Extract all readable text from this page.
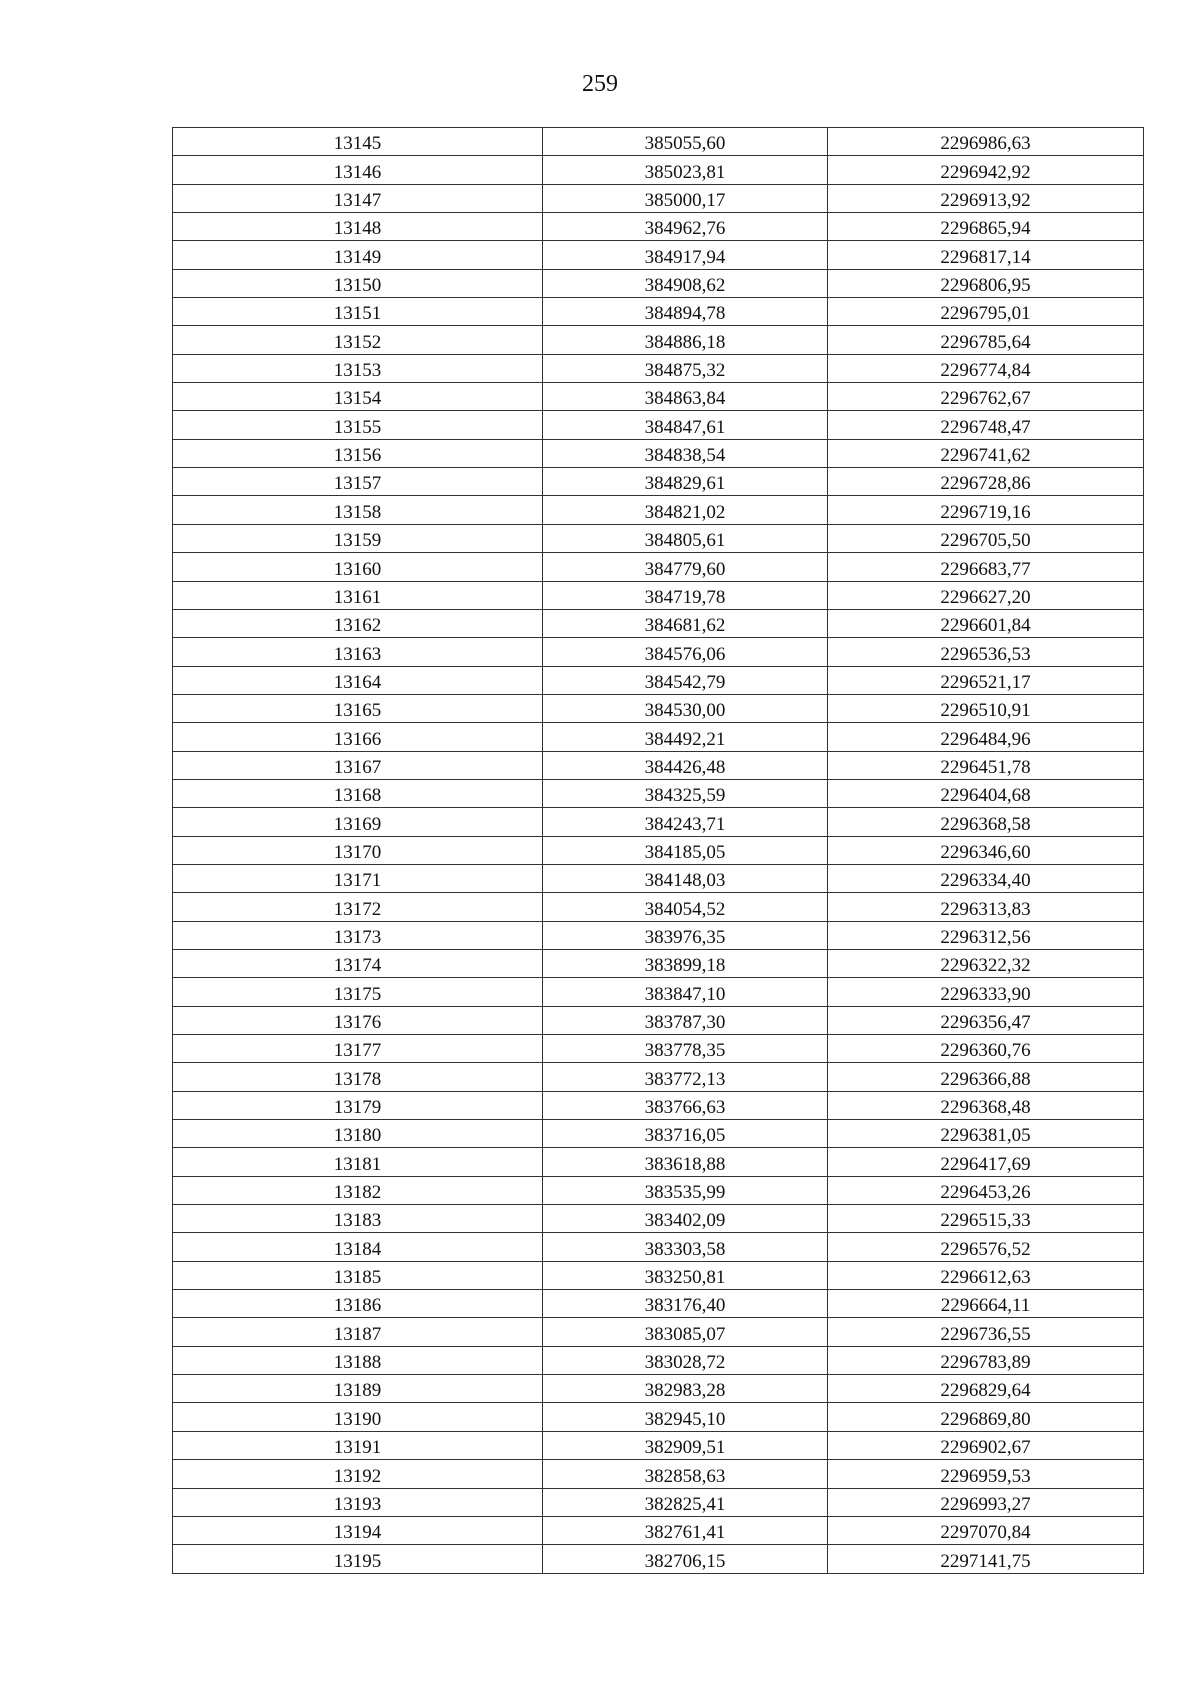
259
13145	385055,60	2296986,63
13146	385023,81	2296942,92
13147	385000,17	2296913,92
13148	384962,76	2296865,94
13149	384917,94	2296817,14
13150	384908,62	2296806,95
13151	384894,78	2296795,01
13152	384886,18	2296785,64
13153	384875,32	2296774,84
13154	384863,84	2296762,67
13155	384847,61	2296748,47
13156	384838,54	2296741,62
13157	384829,61	2296728,86
13158	384821,02	2296719,16
13159	384805,61	2296705,50
13160	384779,60	2296683,77
13161	384719,78	2296627,20
13162	384681,62	2296601,84
13163	384576,06	2296536,53
13164	384542,79	2296521,17
13165	384530,00	2296510,91
13166	384492,21	2296484,96
13167	384426,48	2296451,78
13168	384325,59	2296404,68
13169	384243,71	2296368,58
13170	384185,05	2296346,60
13171	384148,03	2296334,40
13172	384054,52	2296313,83
13173	383976,35	2296312,56
13174	383899,18	2296322,32
13175	383847,10	2296333,90
13176	383787,30	2296356,47
13177	383778,35	2296360,76
13178	383772,13	2296366,88
13179	383766,63	2296368,48
13180	383716,05	2296381,05
13181	383618,88	2296417,69
13182	383535,99	2296453,26
13183	383402,09	2296515,33
13184	383303,58	2296576,52
13185	383250,81	2296612,63
13186	383176,40	2296664,11
13187	383085,07	2296736,55
13188	383028,72	2296783,89
13189	382983,28	2296829,64
13190	382945,10	2296869,80
13191	382909,51	2296902,67
13192	382858,63	2296959,53
13193	382825,41	2296993,27
13194	382761,41	2297070,84
13195	382706,15	2297141,75
